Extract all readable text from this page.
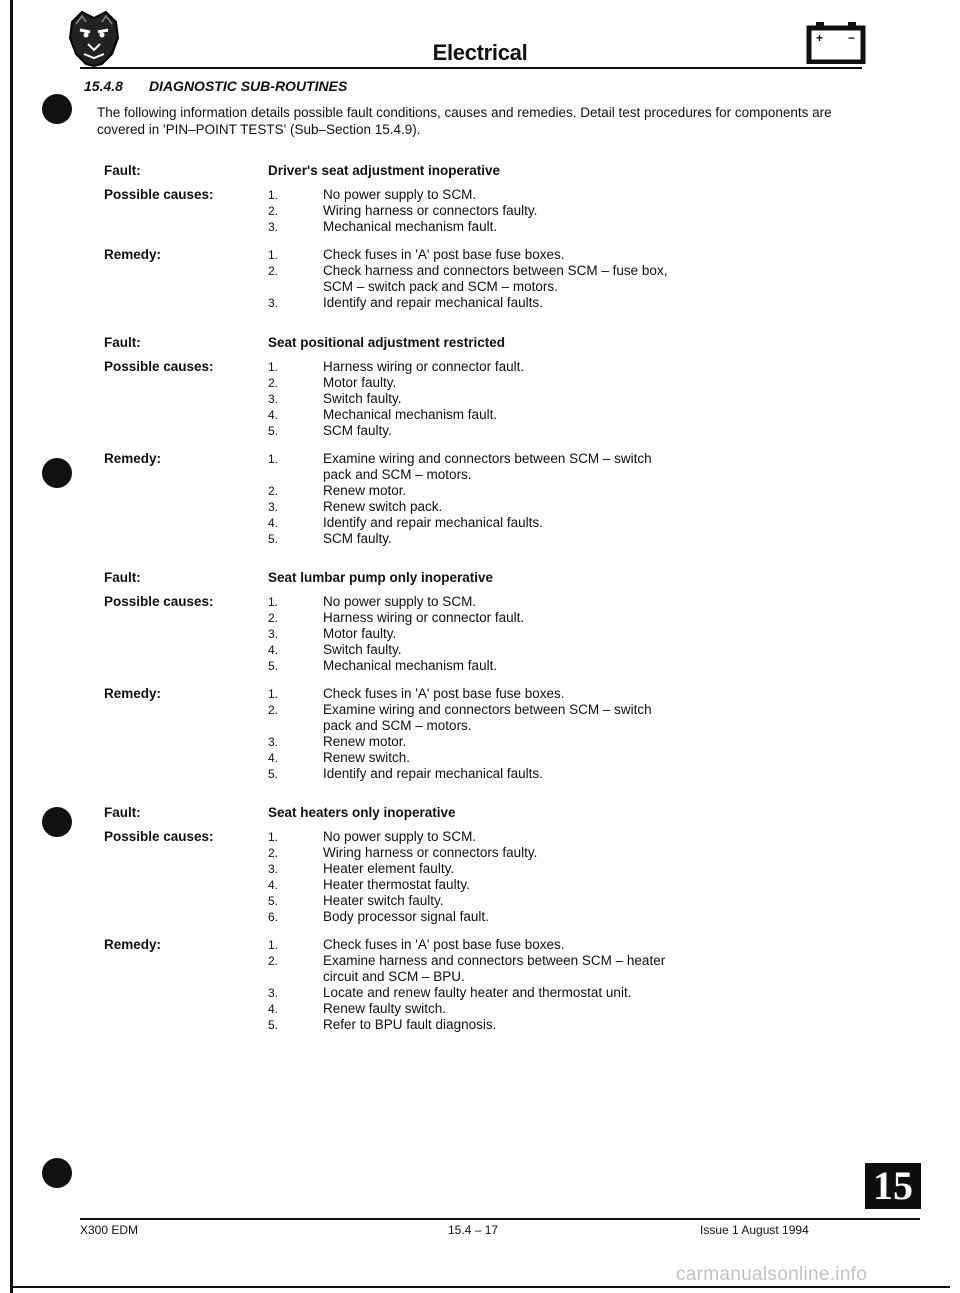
Electrical
+ −
15.4.8 DIAGNOSTIC SUB-ROUTINES
The following information details possible fault conditions, causes and remedies. Detail test procedures for components are covered in 'PIN–POINT TESTS' (Sub–Section 15.4.9).
Fault:	Driver's seat adjustment inoperative
Possible causes:	1.	No power supply to SCM.
2.	Wiring harness or connectors faulty.
3.	Mechanical mechanism fault.
Remedy:	1.	Check fuses in 'A' post base fuse boxes.
2.	Check harness and connectors between SCM – fuse box,
SCM – switch pack and SCM – motors.
3.	Identify and repair mechanical faults.
Fault:	Seat positional adjustment restricted
Possible causes:	1.	Harness wiring or connector fault.
2.	Motor faulty.
3.	Switch faulty.
4.	Mechanical mechanism fault.
5.	SCM faulty.
Remedy:	1.	Examine wiring and connectors between SCM – switch
pack and SCM – motors.
2.	Renew motor.
3.	Renew switch pack.
4.	Identify and repair mechanical faults.
5.	SCM faulty.
Fault:	Seat lumbar pump only inoperative
Possible causes:	1.	No power supply to SCM.
2.	Harness wiring or connector fault.
3.	Motor faulty.
4.	Switch faulty.
5.	Mechanical mechanism fault.
Remedy:	1.	Check fuses in 'A' post base fuse boxes.
2.	Examine wiring and connectors between SCM – switch
pack and SCM – motors.
3.	Renew motor.
4.	Renew switch.
5.	Identify and repair mechanical faults.
Fault:	Seat heaters only inoperative
Possible causes:	1.	No power supply to SCM.
2.	Wiring harness or connectors faulty.
3.	Heater element faulty.
4.	Heater thermostat faulty.
5.	Heater switch faulty.
6.	Body processor signal fault.
Remedy:	1.	Check fuses in 'A' post base fuse boxes.
2.	Examine harness and connectors between SCM – heater
circuit and SCM – BPU.
3.	Locate and renew faulty heater and thermostat unit.
4.	Renew faulty switch.
5.	Refer to BPU fault diagnosis.
15
X300 EDM	15.4 – 17	Issue 1 August 1994
carmanualsonline.info
